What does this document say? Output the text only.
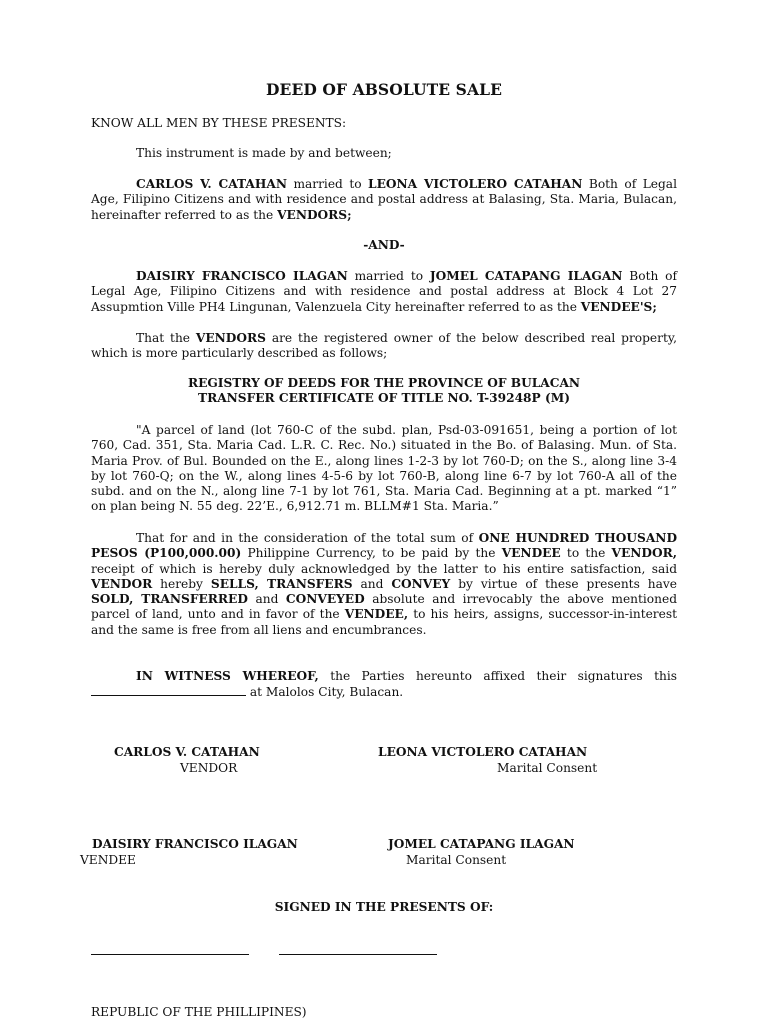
DEED OF ABSOLUTE SALE
KNOW ALL MEN BY THESE PRESENTS:
This instrument is made by and between;
CARLOS V. CATAHAN married to LEONA VICTOLERO CATAHAN Both of Legal Age, Filipino Citizens and with residence and postal address at Balasing, Sta. Maria, Bulacan, hereinafter referred to as the VENDORS;
-AND-
DAISIRY FRANCISCO ILAGAN married to JOMEL CATAPANG ILAGAN Both of Legal Age, Filipino Citizens and with residence and postal address at Block 4 Lot 27 Assupmtion Ville PH4 Lingunan, Valenzuela City hereinafter referred to as the VENDEE'S;
That the VENDORS are the registered owner of the below described real property, which is more particularly described as follows;
REGISTRY OF DEEDS FOR THE PROVINCE OF BULACAN
TRANSFER CERTIFICATE OF TITLE NO. T-39248P (M)
"A parcel of land (lot 760-C of the subd. plan, Psd-03-091651, being a portion of lot 760, Cad. 351, Sta. Maria Cad. L.R. C. Rec. No.) situated in the Bo. of Balasing. Mun. of Sta. Maria Prov. of Bul. Bounded on the E., along lines 1-2-3 by lot 760-D; on the S., along line 3-4 by lot 760-Q; on the W., along lines 4-5-6 by lot 760-B, along line 6-7 by lot 760-A all of the subd. and on the N., along line 7-1 by lot 761, Sta. Maria Cad. Beginning at a pt. marked “1” on plan being N. 55 deg. 22’E., 6,912.71 m. BLLM#1 Sta. Maria.”
That for and in the consideration of the total sum of ONE HUNDRED THOUSAND PESOS (P100,000.00) Philippine Currency, to be paid by the VENDEE to the VENDOR, receipt of which is hereby duly acknowledged by the latter to his entire satisfaction, said VENDOR hereby SELLS, TRANSFERS and CONVEY by virtue of these presents have SOLD, TRANSFERRED and CONVEYED absolute and irrevocably the above mentioned parcel of land, unto and in favor of the VENDEE, to his heirs, assigns, successor-in-interest and the same is free from all liens and encumbrances.
IN WITNESS WHEREOF, the Parties hereunto affixed their signatures this
at Malolos City, Bulacan.
CARLOS V. CATAHAN
VENDOR
LEONA VICTOLERO CATAHAN
Marital Consent
DAISIRY FRANCISCO ILAGAN
VENDEE
JOMEL CATAPANG ILAGAN
Marital Consent
SIGNED IN THE PRESENTS OF:
REPUBLIC OF THE PHILLIPINES)
